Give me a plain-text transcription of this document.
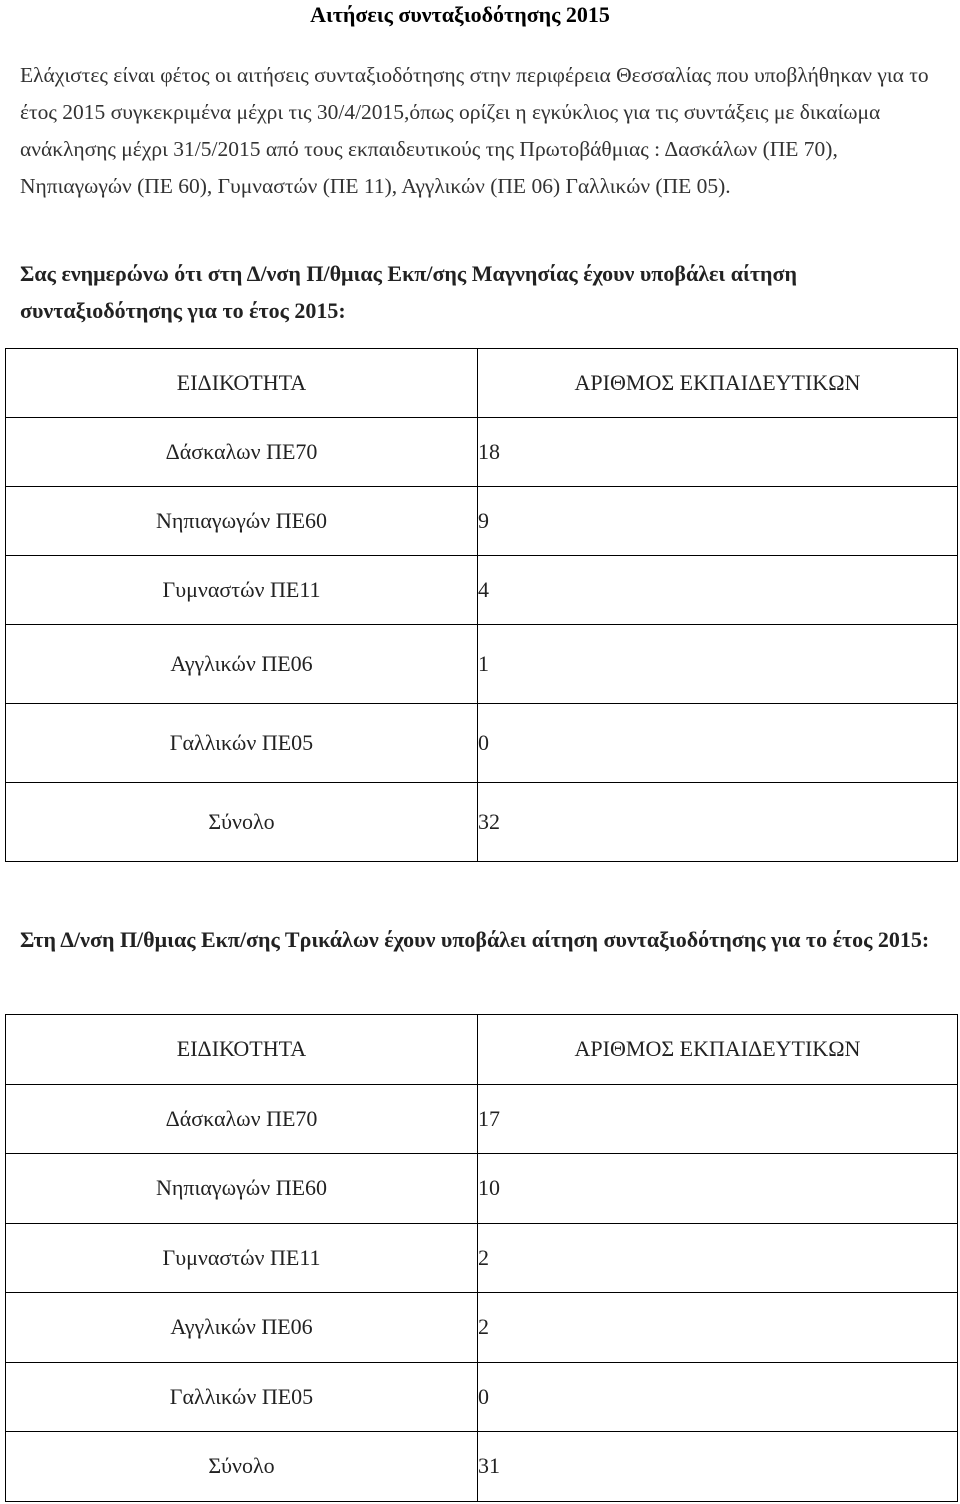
Αιτήσεις συνταξιοδότησης 2015
Ελάχιστες είναι φέτος οι αιτήσεις συνταξιοδότησης στην περιφέρεια Θεσσαλίας που υποβλήθηκαν για το έτος 2015 συγκεκριμένα μέχρι τις 30/4/2015,όπως ορίζει η εγκύκλιος για τις συντάξεις με δικαίωμα ανάκλησης μέχρι 31/5/2015 από τους εκπαιδευτικούς της Πρωτοβάθμιας : Δασκάλων (ΠΕ 70), Νηπιαγωγών (ΠΕ 60), Γυμναστών (ΠΕ 11), Αγγλικών (ΠΕ 06) Γαλλικών (ΠΕ 05).
Σας ενημερώνω ότι στη Δ/νση Π/θμιας Εκπ/σης Μαγνησίας έχουν υποβάλει αίτηση συνταξιοδότησης για το έτος 2015:
ΕΙΔΙΚΟΤΗΤΑ	ΑΡΙΘΜΟΣ ΕΚΠΑΙΔΕΥΤΙΚΩΝ
Δάσκαλων ΠΕ70	18
Νηπιαγωγών ΠΕ60	9
Γυμναστών ΠΕ11	4
Αγγλικών ΠΕ06	1
Γαλλικών ΠΕ05	0
Σύνολο	32
Στη Δ/νση Π/θμιας Εκπ/σης Τρικάλων έχουν υποβάλει αίτηση συνταξιοδότησης για το έτος 2015:
ΕΙΔΙΚΟΤΗΤΑ	ΑΡΙΘΜΟΣ ΕΚΠΑΙΔΕΥΤΙΚΩΝ
Δάσκαλων ΠΕ70	17
Νηπιαγωγών ΠΕ60	10
Γυμναστών ΠΕ11	2
Αγγλικών ΠΕ06	2
Γαλλικών ΠΕ05	0
Σύνολο	31
